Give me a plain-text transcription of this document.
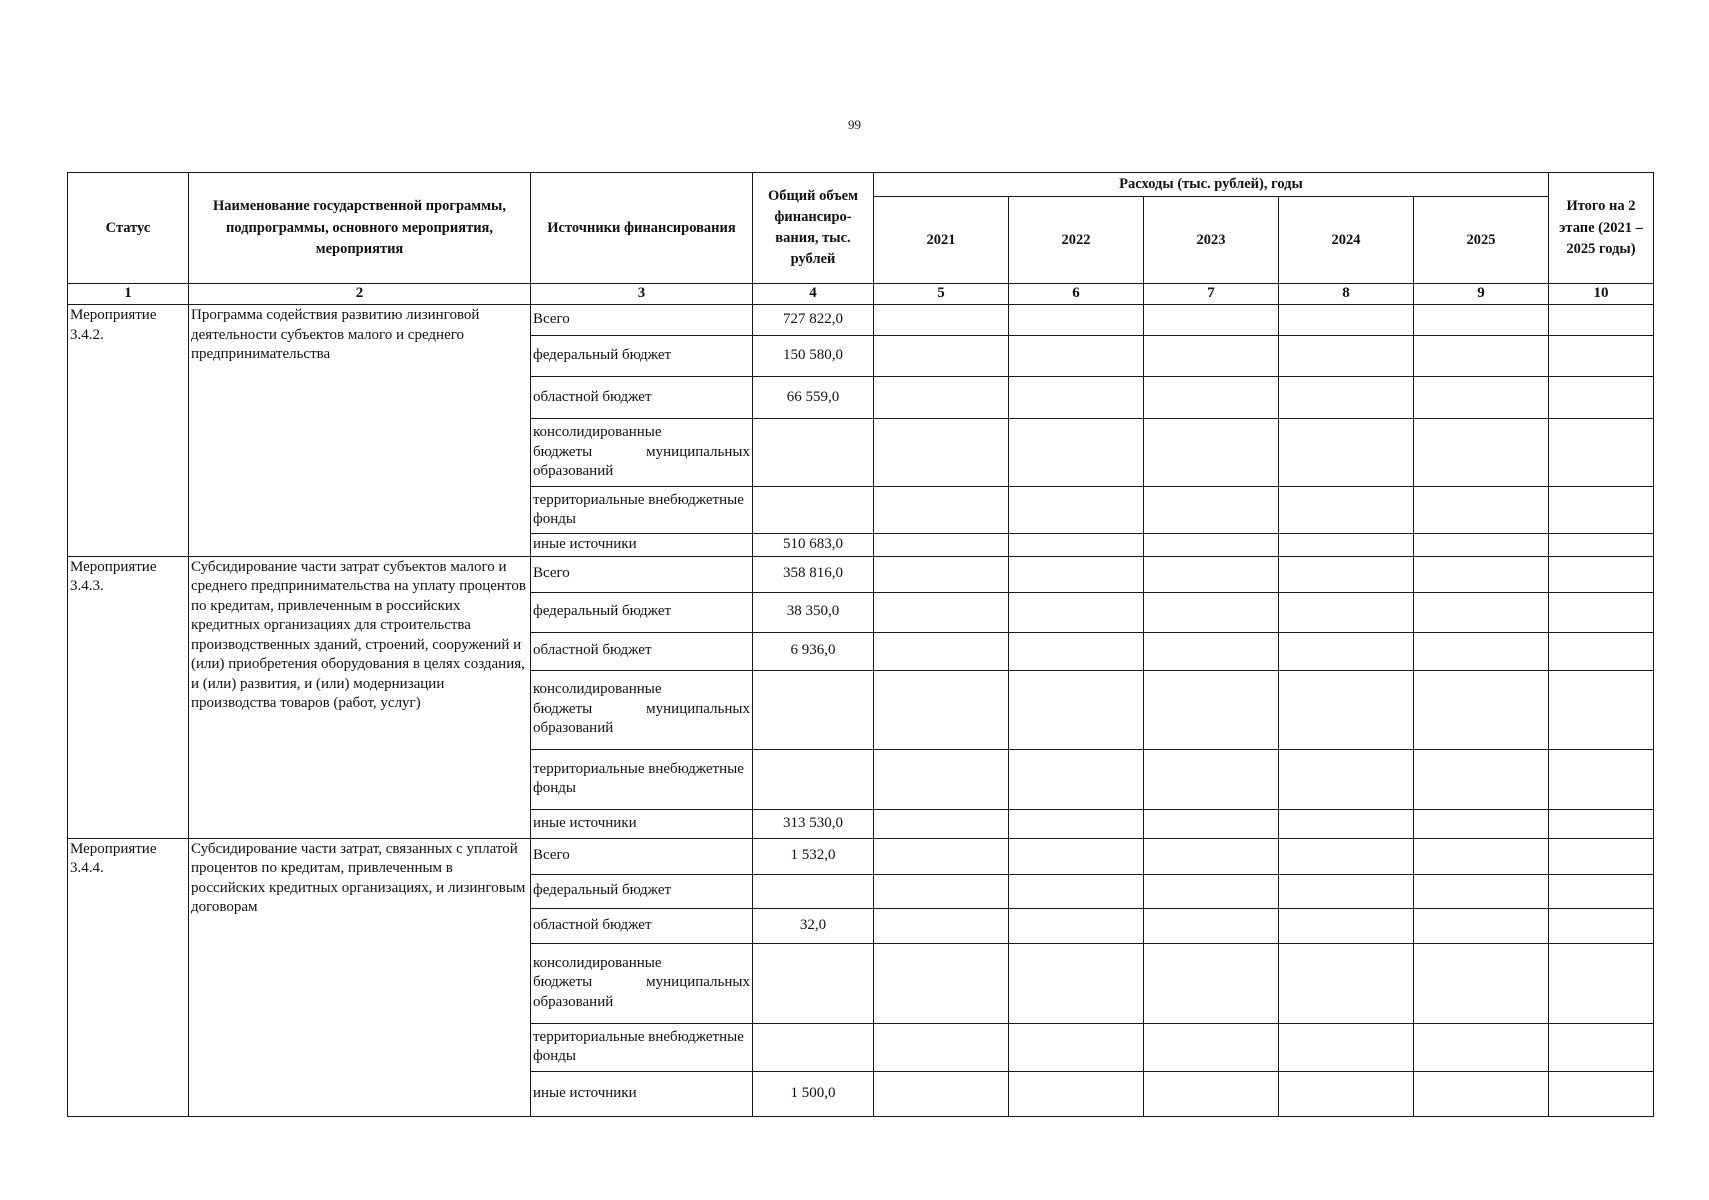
99
Статус	Наименование государственной программы, подпрограммы, основного мероприятия, мероприятия	Источники финансирования	Общий объем финансиро-вания, тыс. рублей	Расходы (тыс. рублей), годы					Итого на 2 этапе (2021 – 2025 годы)
				2021	2022	2023	2024	2025	
1	2	3	4	5	6	7	8	9	10
Мероприятие 3.4.2.	Программа содействия развитию лизинговой деятельности субъектов малого и среднего предпринимательства	Всего	727 822,0						
		федеральный бюджет	150 580,0						
		областной бюджет	66 559,0						

		консолидированные
бюджеты муниципальных
образований							

		территориальные внебюджетные фонды							
		иные источники	510 683,0						
Мероприятие 3.4.3.	Субсидирование части затрат субъектов малого и среднего предпринимательства на уплату процентов по кредитам, привлеченным в российских кредитных организациях для строительства производственных зданий, строений, сооружений и (или) приобретения оборудования в целях создания, и (или) развития, и (или) модернизации производства товаров (работ, услуг)	Всего	358 816,0						
		федеральный бюджет	38 350,0						
		областной бюджет	6 936,0						

		консолидированные
бюджеты муниципальных
образований							

		территориальные внебюджетные фонды							
		иные источники	313 530,0						
Мероприятие 3.4.4.	Субсидирование части затрат, связанных с уплатой процентов по кредитам, привлеченным в российских кредитных организациях, и лизинговым договорам	Всего	1 532,0						
		федеральный бюджет							
		областной бюджет	32,0						

		консолидированные
бюджеты муниципальных
образований							

		территориальные внебюджетные фонды							
		иные источники	1 500,0						
